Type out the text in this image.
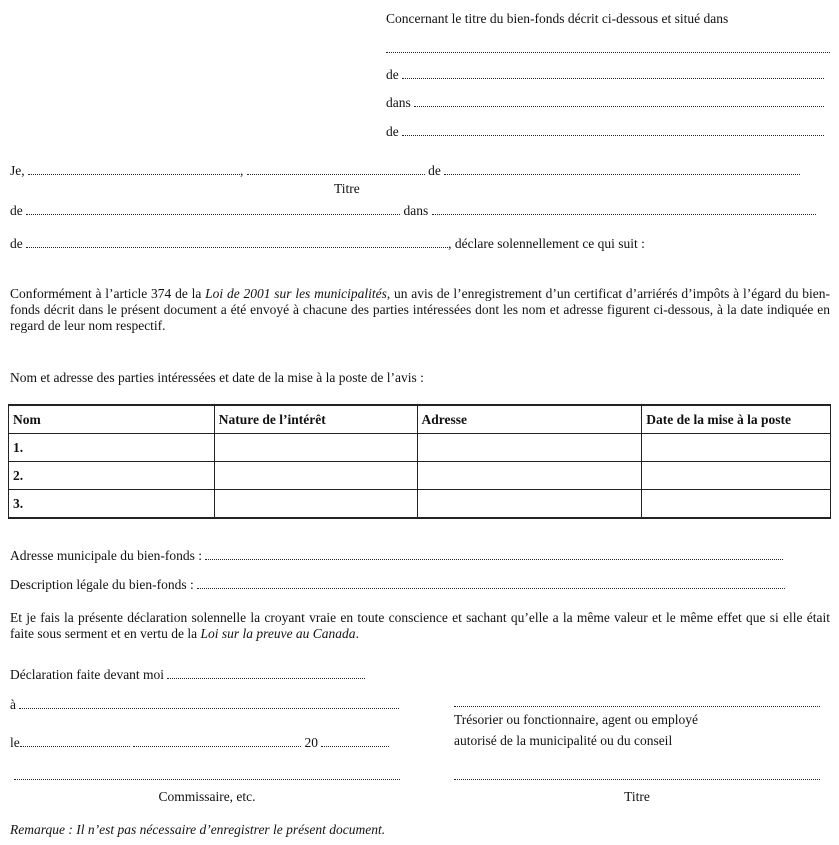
Concernant le titre du bien-fonds décrit ci-dessous et situé dans
de
dans
de
Je,	,	de
Titre
de	dans
de	, déclare solennellement ce qui suit :
Conformément à l’article 374 de la Loi de 2001 sur les municipalités, un avis de l’enregistrement d’un certificat d’arriérés d’impôts à l’égard du bien-fonds décrit dans le présent document a été envoyé à chacune des parties intéressées dont les nom et adresse figurent ci-dessous, à la date indiquée en regard de leur nom respectif.
Nom et adresse des parties intéressées et date de la mise à la poste de l’avis :
Nom	Nature de l’intérêt	Adresse	Date de la mise à la poste
1.			
2.			
3.			
Adresse municipale du bien-fonds :
Description légale du bien-fonds :
Et je fais la présente déclaration solennelle la croyant vraie en toute conscience et sachant qu’elle a la même valeur et le même effet que si elle était faite sous serment et en vertu de la Loi sur la preuve au Canada.
Déclaration faite devant moi
à
le	20
Commissaire, etc.
Trésorier ou fonctionnaire, agent ou employé
autorisé de la municipalité ou du conseil
Titre
Remarque : Il n’est pas nécessaire d’enregistrer le présent document.
